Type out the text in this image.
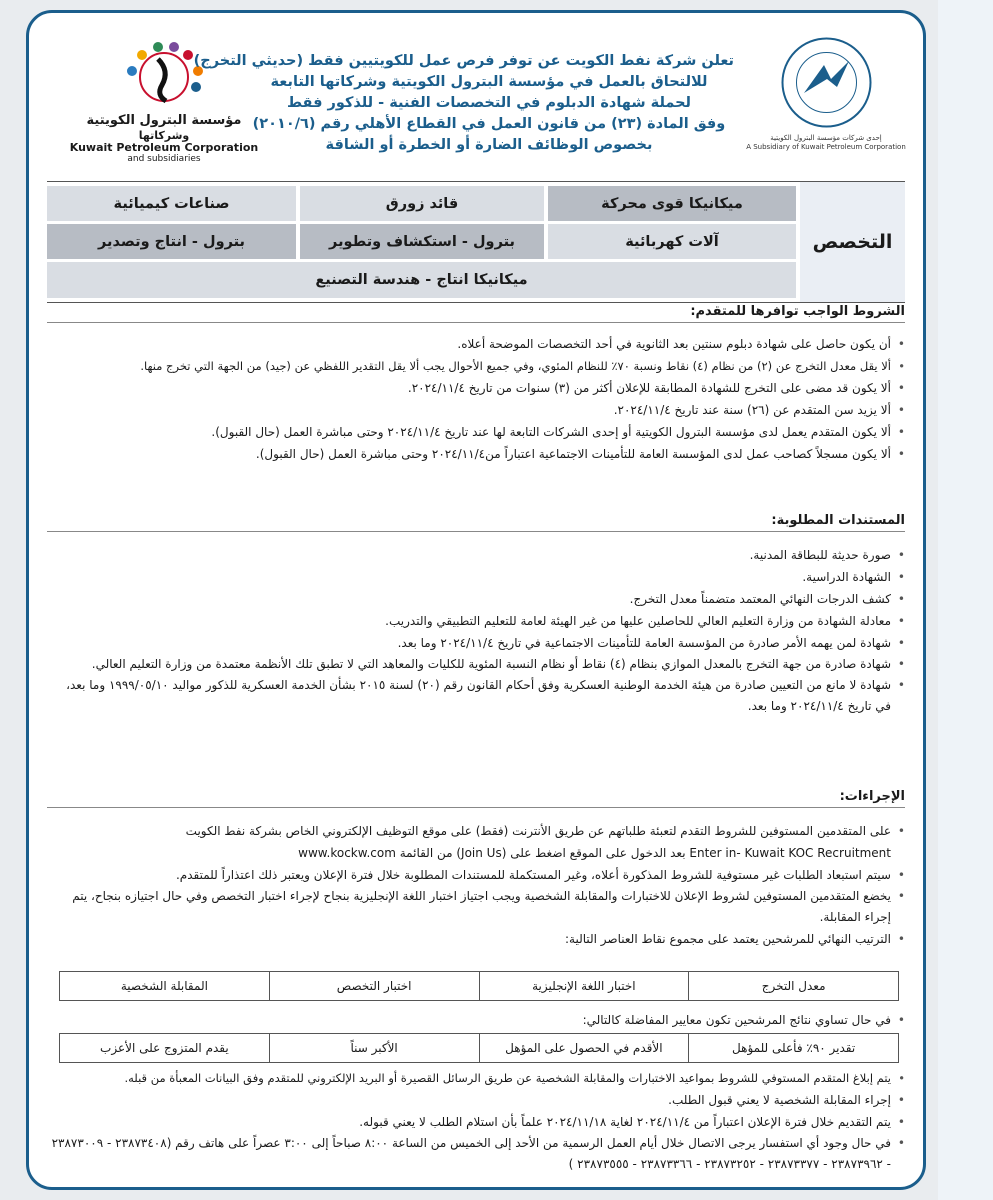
إحدى شركات مؤسسة البترول الكويتية
A Subsidiary of Kuwait Petroleum Corporation
مؤسسة البترول الكويتية
وشركاتها
Kuwait Petroleum Corporation
and subsidiaries
تعلن شركة نفط الكويت عن توفر فرص عمل للكويتيين فقط (حديثي التخرج)
للالتحاق بالعمل في مؤسسة البترول الكويتية وشركاتها التابعة
لحملة شهادة الدبلوم في التخصصات الفنية - للذكور فقط
وفق المادة (٢٣) من قانون العمل في القطاع الأهلي رقم (٢٠١٠/٦)
بخصوص الوظائف الضارة أو الخطرة أو الشاقة
التخصص
ميكانيكا قوى محركة
قائد زورق
صناعات كيميائية
آلات كهربائية
بترول - استكشاف وتطوير
بترول - انتاج وتصدير
ميكانيكا انتاج - هندسة التصنيع
الشروط الواجب توافرها للمتقدم:
• أن يكون حاصل على شهادة دبلوم سنتين بعد الثانوية في أحد التخصصات الموضحة أعلاه.
• ألا يقل معدل التخرج عن (٢) من نظام (٤) نقاط ونسبة ٧٠٪ للنظام المئوي، وفي جميع الأحوال يجب ألا يقل التقدير اللفظي عن (جيد) من الجهة التي تخرج منها.
• ألا يكون قد مضى على التخرج للشهادة المطابقة للإعلان أكثر من (٣) سنوات من تاريخ ٢٠٢٤/١١/٤.
• ألا يزيد سن المتقدم عن (٢٦) سنة عند تاريخ ٢٠٢٤/١١/٤.
• ألا يكون المتقدم يعمل لدى مؤسسة البترول الكويتية أو إحدى الشركات التابعة لها عند تاريخ ٢٠٢٤/١١/٤ وحتى مباشرة العمل (حال القبول).
• ألا يكون مسجلاً كصاحب عمل لدى المؤسسة العامة للتأمينات الاجتماعية اعتباراً من٢٠٢٤/١١/٤ وحتى مباشرة العمل (حال القبول).
المستندات المطلوبة:
• صورة حديثة للبطاقة المدنية.
• الشهادة الدراسية.
• كشف الدرجات النهائي المعتمد متضمناً معدل التخرج.
• معادلة الشهادة من وزارة التعليم العالي للحاصلين عليها من غير الهيئة لعامة للتعليم التطبيقي والتدريب.
• شهادة لمن يهمه الأمر صادرة من المؤسسة العامة للتأمينات الاجتماعية في تاريخ ٢٠٢٤/١١/٤ وما بعد.
• شهادة صادرة من جهة التخرج بالمعدل الموازي بنظام (٤) نقاط أو نظام النسبة المئوية للكليات والمعاهد التي لا تطبق تلك الأنظمة معتمدة من وزارة التعليم العالي.
• شهادة لا مانع من التعيين صادرة من هيئة الخدمة الوطنية العسكرية وفق أحكام القانون رقم (٢٠) لسنة ٢٠١٥ بشأن الخدمة العسكرية للذكور مواليد ١٩٩٩/٠٥/١٠ وما بعد، في تاريخ ٢٠٢٤/١١/٤ وما بعد.
الإجراءات:
• على المتقدمين المستوفين للشروط التقدم لتعبئة طلباتهم عن طريق الأنترنت (فقط) على موقع التوظيف الإلكتروني الخاص بشركة نفط الكويت
Enter in- Kuwait KOC Recruitment بعد الدخول على الموقع اضغط على (Join Us) من القائمة www.kockw.com
• سيتم استبعاد الطلبات غير مستوفية للشروط المذكورة أعلاه، وغير المستكملة للمستندات المطلوبة خلال فترة الإعلان ويعتبر ذلك اعتذاراً للمتقدم.
• يخضع المتقدمين المستوفين لشروط الإعلان للاختبارات والمقابلة الشخصية ويجب اجتياز اختبار اللغة الإنجليزية بنجاح لإجراء اختبار التخصص وفي حال اجتيازه بنجاح، يتم إجراء المقابلة.
• الترتيب النهائي للمرشحين يعتمد على مجموع نقاط العناصر التالية:
معدل التخرج
اختبار اللغة الإنجليزية
اختبار التخصص
المقابلة الشخصية
• في حال تساوي نتائج المرشحين تكون معايير المفاضلة كالتالي:
تقدير ٩٠٪ فأعلى للمؤهل
الأقدم في الحصول على المؤهل
الأكبر سناً
يقدم المتزوج على الأعزب
• يتم إبلاغ المتقدم المستوفي للشروط بمواعيد الاختبارات والمقابلة الشخصية عن طريق الرسائل القصيرة أو البريد الإلكتروني للمتقدم وفق البيانات المعبأة من قبله.
• إجراء المقابلة الشخصية لا يعني قبول الطلب.
• يتم التقديم خلال فترة الإعلان اعتباراً من ٢٠٢٤/١١/٤ لغاية ٢٠٢٤/١١/١٨ علماً بأن استلام الطلب لا يعني قبوله.
• في حال وجود أي استفسار يرجى الاتصال خلال أيام العمل الرسمية من الأحد إلى الخميس من الساعة ٨:٠٠ صباحاً إلى ٣:٠٠ عصراً على هاتف رقم (٢٣٨٧٣٤٠٨ - ٢٣٨٧٣٠٠٩ - ٢٣٨٧٣٩٦٢ - ٢٣٨٧٣٣٧٧ - ٢٣٨٧٣٢٥٢ - ٢٣٨٧٣٣٦٦ - ٢٣٨٧٣٥٥٥ )
